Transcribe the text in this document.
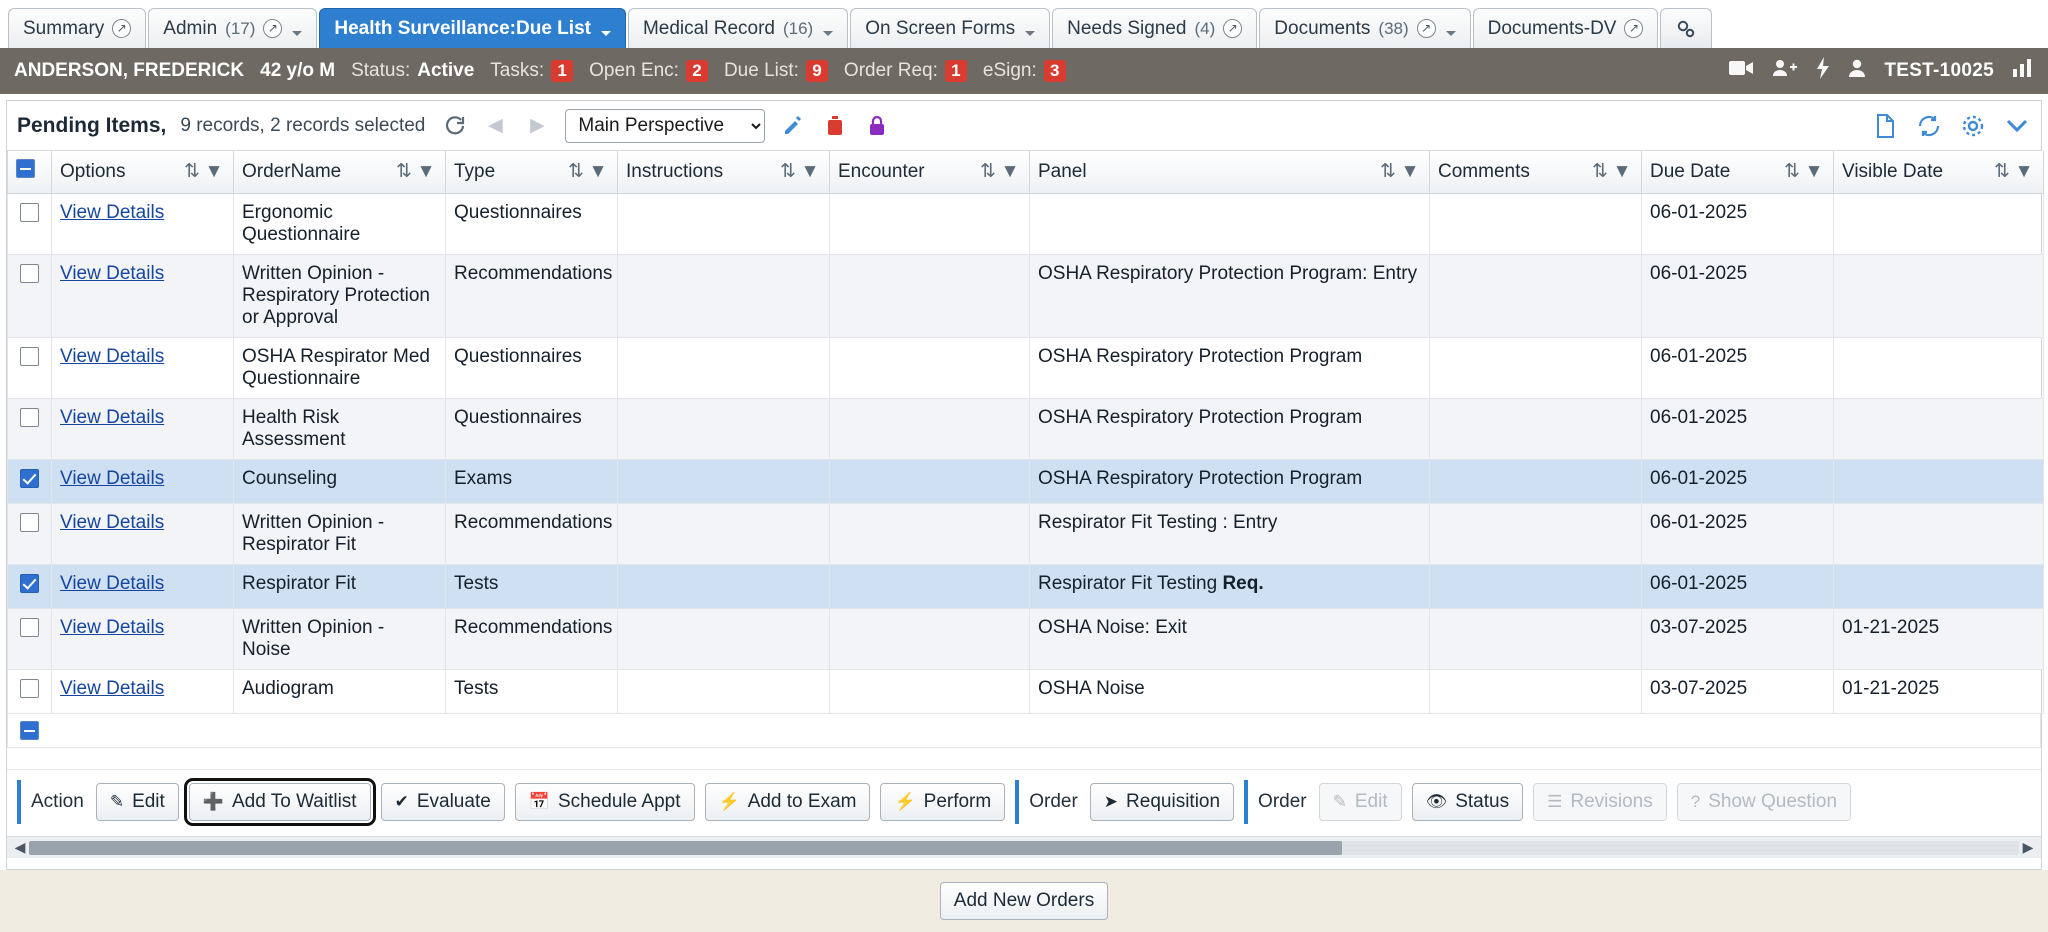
Summary	↗ Admin (17)	↗	Health Surveillance:Due List	Medical Record (16)	On Screen Forms	Needs Signed (4)	↗ Documents (38)	↗	Documents-DV	↗
ANDERSON, FREDERICK 42 y/o M Status: Active Tasks: 1	Open Enc: 2	Due List: 9	Order Req: 1	eSign: 3	TEST-10025
Pending Items, 9 records, 2 records selected	◀	▶
Main Perspective

	Options ⇅ ▼	OrderName ⇅ ▼	Type ⇅ ▼	Instructions ⇅ ▼	Encounter ⇅ ▼	Panel ⇅ ▼	Comments ⇅ ▼	Due Date ⇅ ▼	Visible Date ⇅ ▼

	View Details	Ergonomic Questionnaire	Questionnaires					06-01-2025	
	View Details	Written Opinion - Respiratory Protection or Approval	Recommendations			OSHA Respiratory Protection Program: Entry		06-01-2025	
	View Details	OSHA Respirator Med Questionnaire	Questionnaires			OSHA Respiratory Protection Program		06-01-2025	
	View Details	Health Risk Assessment	Questionnaires			OSHA Respiratory Protection Program		06-01-2025	
	View Details	Counseling	Exams			OSHA Respiratory Protection Program		06-01-2025	
	View Details	Written Opinion - Respirator Fit	Recommendations			Respirator Fit Testing : Entry		06-01-2025	
	View Details	Respirator Fit	Tests			Respirator Fit Testing Req.		06-01-2025	
	View Details	Written Opinion - Noise	Recommendations			OSHA Noise: Exit		03-07-2025	01-21-2025
	View Details	Audiogram	Tests			OSHA Noise		03-07-2025	01-21-2025
Action ✎ Edit ➕ Add To Waitlist ✔ Evaluate 📅 Schedule Appt ⚡ Add to Exam ⚡ Perform Order ➤ Requisition Order ✎ Edit 👁 Status ☰ Revisions ? Show Question
◀	▶
Add New Orders
